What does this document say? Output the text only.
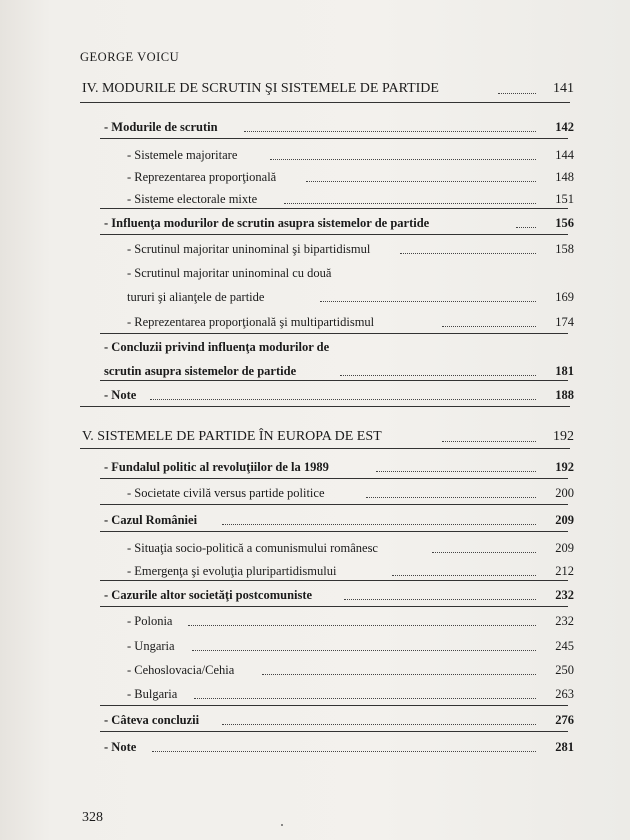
GEORGE VOICU
IV. MODURILE DE SCRUTIN ŞI SISTEMELE DE PARTIDE	141
- Modurile de scrutin	142
- Sistemele majoritare	144
- Reprezentarea proporţională	148
- Sisteme electorale mixte	151
- Influenţa modurilor de scrutin asupra sistemelor de partide	156
- Scrutinul majoritar uninominal şi bipartidismul	158
- Scrutinul majoritar uninominal cu două
tururi şi alianţele de partide	169
- Reprezentarea proporţională şi multipartidismul	174
- Concluzii privind influenţa modurilor de
scrutin asupra sistemelor de partide	181
- Note	188
V. SISTEMELE DE PARTIDE ÎN EUROPA DE EST	192
- Fundalul politic al revoluţiilor de la 1989	192
- Societate civilă versus partide politice	200
- Cazul României	209
- Situaţia socio-politică a comunismului românesc	209
- Emergenţa şi evoluţia pluripartidismului	212
- Cazurile altor societăţi postcomuniste	232
- Polonia	232
- Ungaria	245
- Cehoslovacia/Cehia	250
- Bulgaria	263
- Câteva concluzii	276
- Note	281
328
